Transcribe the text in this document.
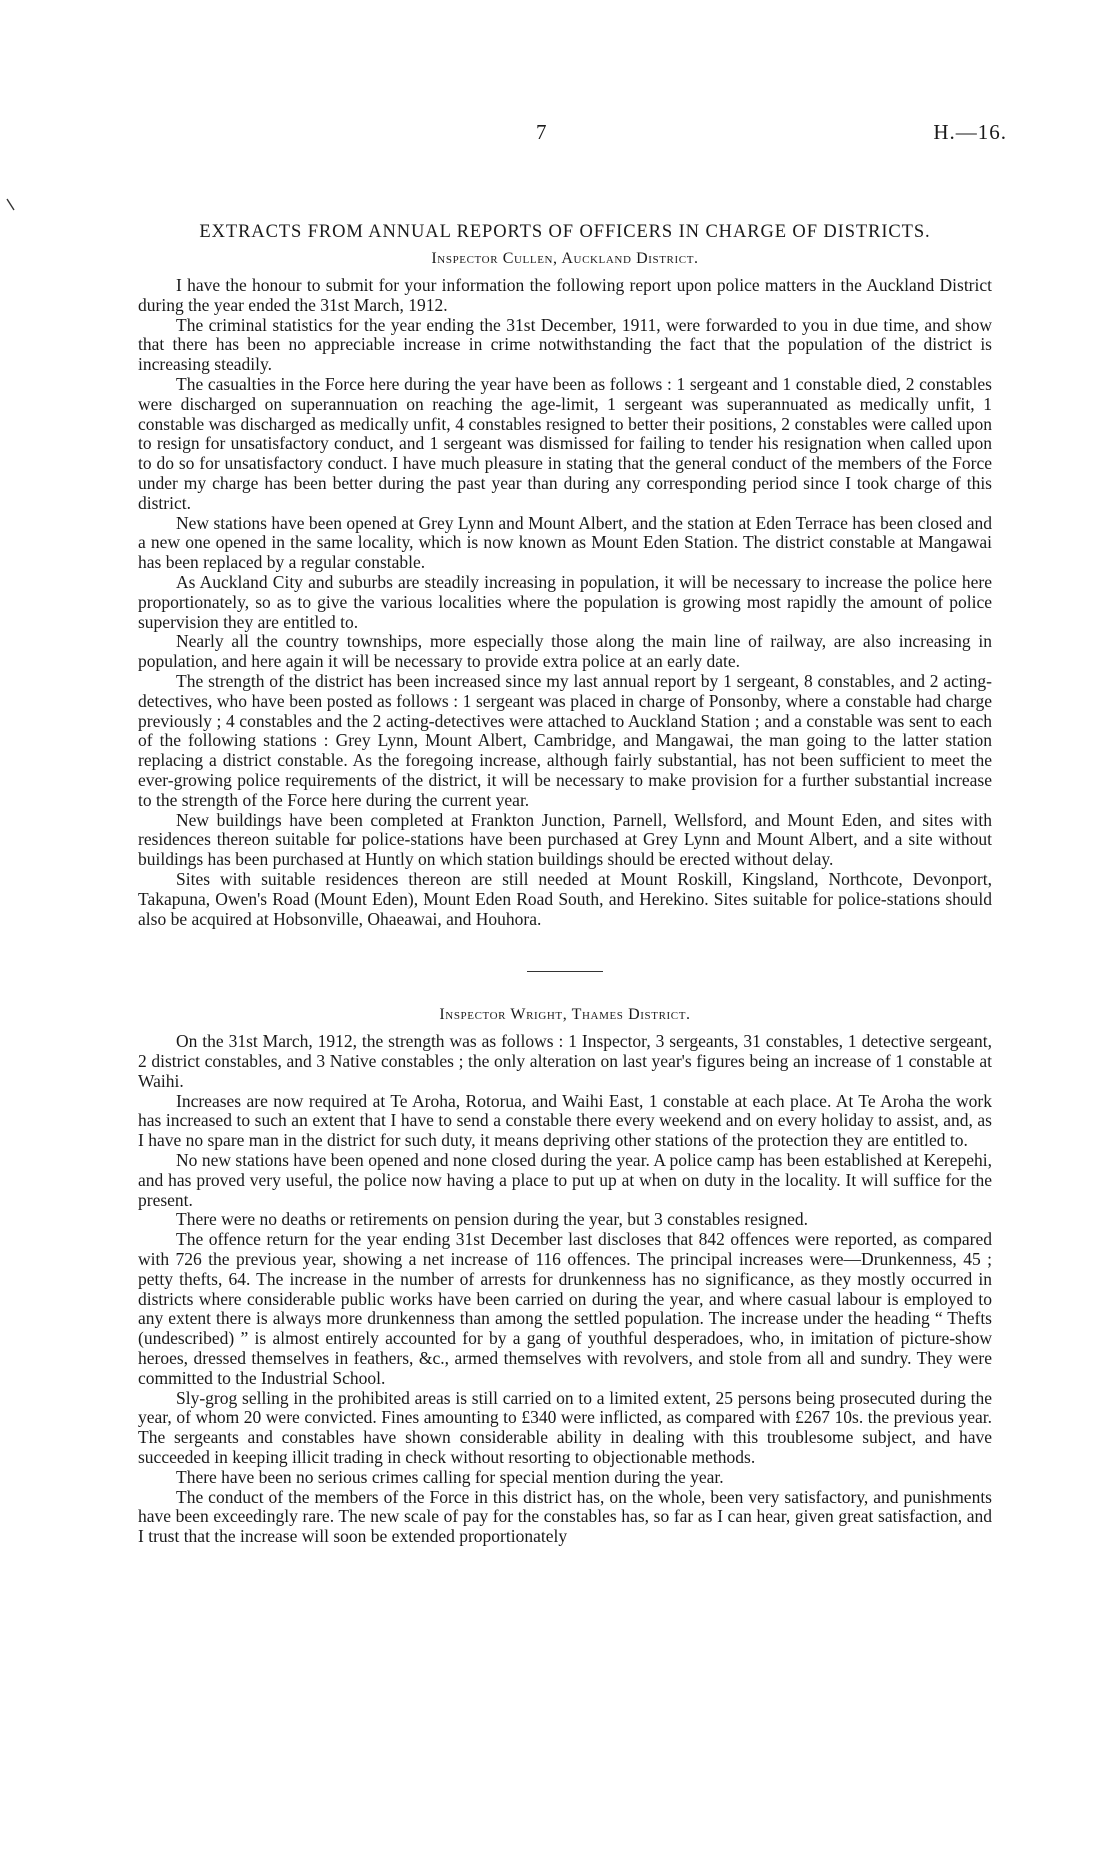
7	H.—16.
EXTRACTS FROM ANNUAL REPORTS OF OFFICERS IN CHARGE OF DISTRICTS.
Inspector Cullen, Auckland District.

I have the honour to submit for your information the following report upon police matters in the Auckland District during the year ended the 31st March, 1912.

The criminal statistics for the year ending the 31st December, 1911, were forwarded to you in due time, and show that there has been no appreciable increase in crime notwithstanding the fact that the population of the district is increasing steadily.

The casualties in the Force here during the year have been as follows : 1 sergeant and 1 constable died, 2 constables were discharged on superannuation on reaching the age-limit, 1 sergeant was superannuated as medically unfit, 1 constable was discharged as medically unfit, 4 constables resigned to better their positions, 2 constables were called upon to resign for unsatisfactory conduct, and 1 sergeant was dismissed for failing to tender his resignation when called upon to do so for unsatisfactory conduct. I have much pleasure in stating that the general conduct of the members of the Force under my charge has been better during the past year than during any corresponding period since I took charge of this district.

New stations have been opened at Grey Lynn and Mount Albert, and the station at Eden Terrace has been closed and a new one opened in the same locality, which is now known as Mount Eden Station. The district constable at Mangawai has been replaced by a regular constable.

As Auckland City and suburbs are steadily increasing in population, it will be necessary to increase the police here proportionately, so as to give the various localities where the population is growing most rapidly the amount of police supervision they are entitled to.

Nearly all the country townships, more especially those along the main line of railway, are also increasing in population, and here again it will be necessary to provide extra police at an early date.

The strength of the district has been increased since my last annual report by 1 sergeant, 8 constables, and 2 acting-detectives, who have been posted as follows : 1 sergeant was placed in charge of Ponsonby, where a constable had charge previously ; 4 constables and the 2 acting-detectives were attached to Auckland Station ; and a constable was sent to each of the following stations : Grey Lynn, Mount Albert, Cambridge, and Mangawai, the man going to the latter station replacing a district constable. As the foregoing increase, although fairly substantial, has not been sufficient to meet the ever-growing police requirements of the district, it will be necessary to make provision for a further substantial increase to the strength of the Force here during the current year.

New buildings have been completed at Frankton Junction, Parnell, Wellsford, and Mount Eden, and sites with residences thereon suitable for police-stations have been purchased at Grey Lynn and Mount Albert, and a site without buildings has been purchased at Huntly on which station buildings should be erected without delay.

Sites with suitable residences thereon are still needed at Mount Roskill, Kingsland, Northcote, Devonport, Takapuna, Owen's Road (Mount Eden), Mount Eden Road South, and Herekino. Sites suitable for police-stations should also be acquired at Hobsonville, Ohaeawai, and Houhora.

Inspector Wright, Thames District.

On the 31st March, 1912, the strength was as follows : 1 Inspector, 3 sergeants, 31 constables, 1 detective sergeant, 2 district constables, and 3 Native constables ; the only alteration on last year's figures being an increase of 1 constable at Waihi.

Increases are now required at Te Aroha, Rotorua, and Waihi East, 1 constable at each place. At Te Aroha the work has increased to such an extent that I have to send a constable there every weekend and on every holiday to assist, and, as I have no spare man in the district for such duty, it means depriving other stations of the protection they are entitled to.

No new stations have been opened and none closed during the year. A police camp has been established at Kerepehi, and has proved very useful, the police now having a place to put up at when on duty in the locality. It will suffice for the present.

There were no deaths or retirements on pension during the year, but 3 constables resigned.

The offence return for the year ending 31st December last discloses that 842 offences were reported, as compared with 726 the previous year, showing a net increase of 116 offences. The principal increases were—Drunkenness, 45 ; petty thefts, 64. The increase in the number of arrests for drunkenness has no significance, as they mostly occurred in districts where considerable public works have been carried on during the year, and where casual labour is employed to any extent there is always more drunkenness than among the settled population. The increase under the heading “ Thefts (undescribed) ” is almost entirely accounted for by a gang of youthful desperadoes, who, in imitation of picture-show heroes, dressed themselves in feathers, &c., armed themselves with revolvers, and stole from all and sundry. They were committed to the Industrial School.

Sly-grog selling in the prohibited areas is still carried on to a limited extent, 25 persons being prosecuted during the year, of whom 20 were convicted. Fines amounting to £340 were inflicted, as compared with £267 10s. the previous year. The sergeants and constables have shown considerable ability in dealing with this troublesome subject, and have succeeded in keeping illicit trading in check without resorting to objectionable methods.

There have been no serious crimes calling for special mention during the year.

The conduct of the members of the Force in this district has, on the whole, been very satisfactory, and punishments have been exceedingly rare. The new scale of pay for the constables has, so far as I can hear, given great satisfaction, and I trust that the increase will soon be extended proportionately
